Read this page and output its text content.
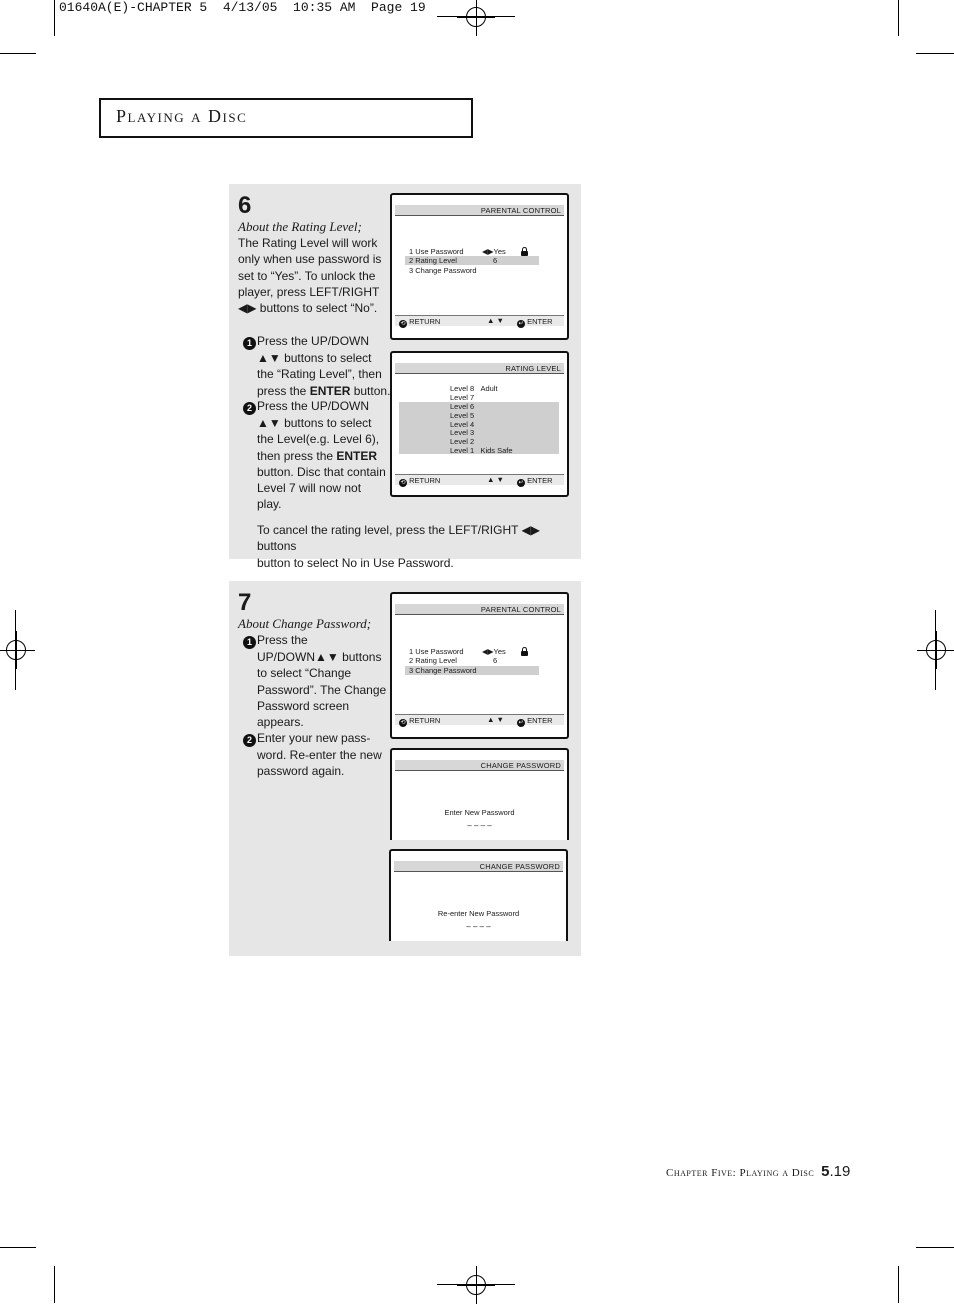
01640A(E)-CHAPTER 5  4/13/05  10:35 AM  Page 19
Playing a Disc
6
About the Rating Level;
The Rating Level will work
only when use password is
set to “Yes”. To unlock the
player, press LEFT/RIGHT
◀▶ buttons to select “No”.
1 Press the UP/DOWN
▲▼ buttons to select
the “Rating Level”, then
press the ENTER button.
2 Press the UP/DOWN
▲▼ buttons to select
the Level(e.g. Level 6),
then press the ENTER
button. Disc that contain
Level 7 will now not
play.
To cancel the rating level, press the LEFT/RIGHT ◀▶ buttons
button to select No in Use Password.
PARENTAL CONTROL
1 Use Password ◀▶Yes
2 Rating Level	6
3 Change Password
⟲ RETURN	▲ ▼ ↵ ENTER
RATING LEVEL
Level 8 Adult
Level 7
Level 6
Level 5
Level 4
Level 3
Level 2
Level 1 Kids Safe
⟲ RETURN	▲ ▼ ↵ ENTER
7
About Change Password;
1 Press the
UP/DOWN▲▼ buttons
to select “Change
Password”. The Change
Password screen
appears.
2 Enter your new pass-
word. Re-enter the new
password again.
PARENTAL CONTROL
1 Use Password ◀▶Yes
2 Rating Level	6
3 Change Password
⟲ RETURN	▲ ▼ ↵ ENTER
CHANGE PASSWORD
Enter New Password
– – – –
CHANGE PASSWORD
Re-enter New Password
– – – –
Chapter Five: Playing a Disc 5.19
